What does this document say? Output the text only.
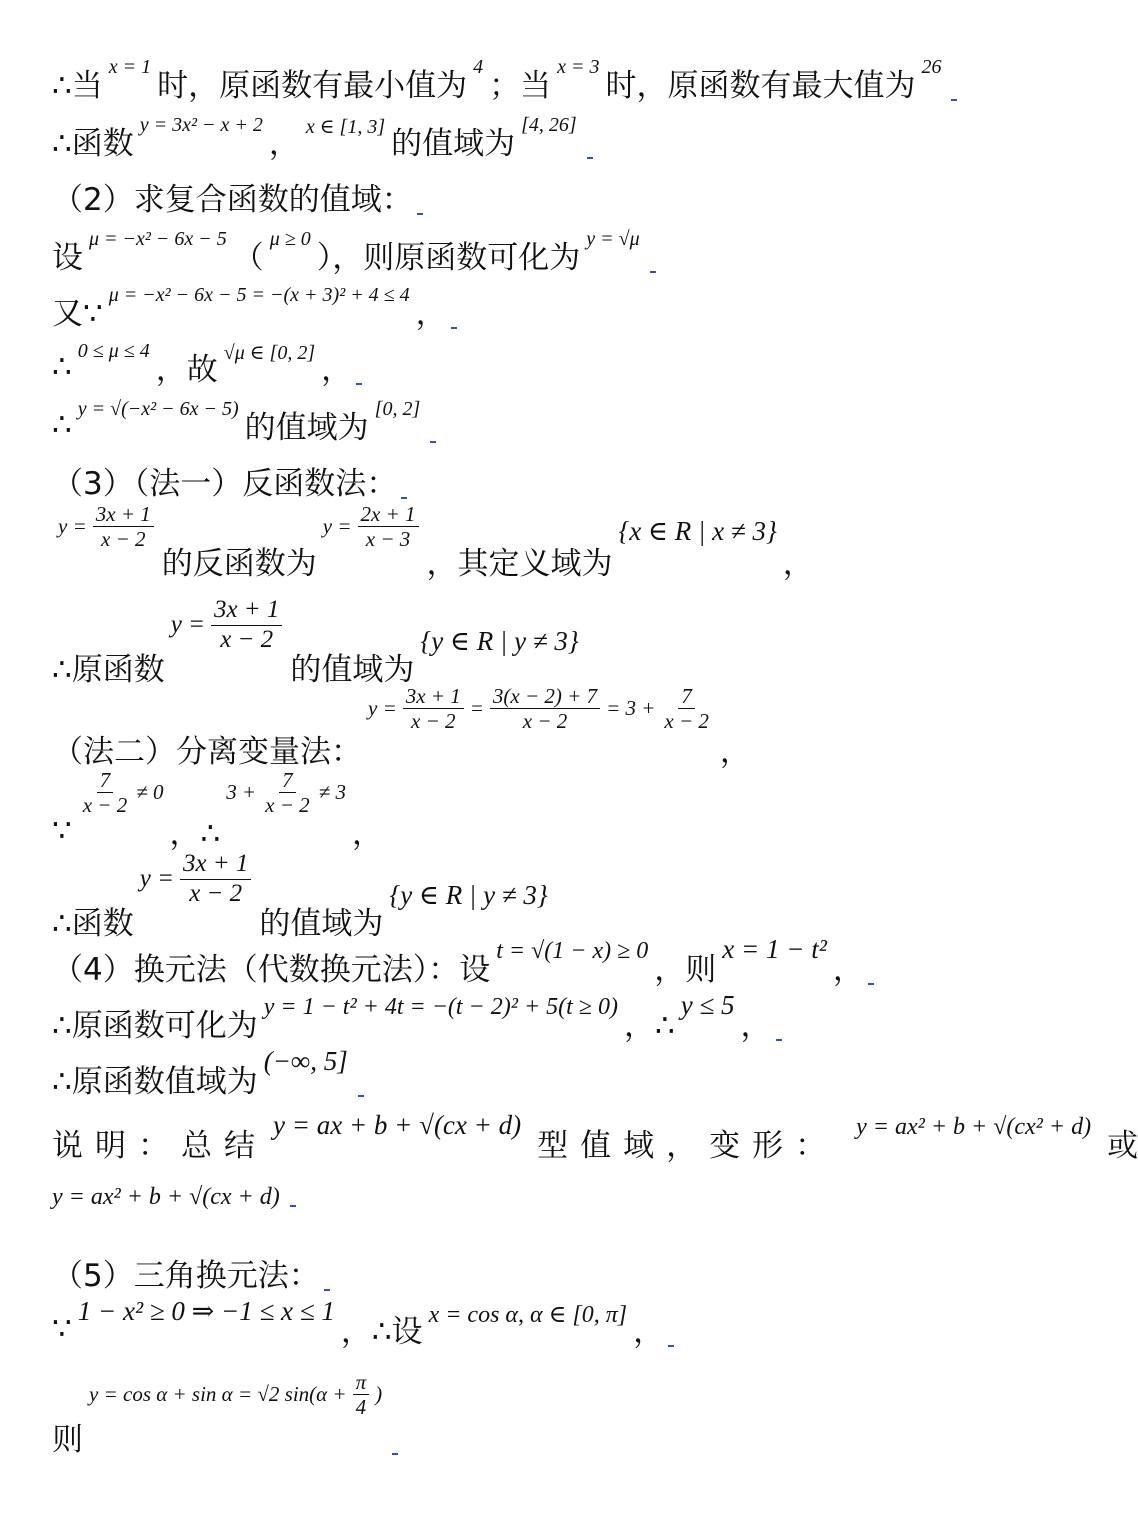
∴当
x = 1
时，原函数有最小值为
4
；当
x = 3
时，原函数有最大值为
26
∴函数
y = 3x² − x + 2
， x ∈ [1, 3] 的值域为
[4, 26]
（2）求复合函数的值域：
设
μ = −x² − 6x − 5
（
μ ≥ 0
），则原函数可化为
y = √μ
又∵
μ = −x² − 6x − 5 = −(x + 3)² + 4 ≤ 4
，
∴ 0 ≤ μ ≤ 4
，故 √μ ∈ [0, 2] ，
∴ y = √(−x² − 6x − 5)
的值域为
[0, 2]
（3）（法一）反函数法：
$y = \frac{3x + 1}{x - 2}$
的反函数为
$y = \frac{2x + 1}{x - 3}$
，其定义域为
{x ∈ R | x ≠ 3}
，
∴原函数
$y = \frac{3x + 1}{x - 2}$
的值域为
{y ∈ R | y ≠ 3}
（法二）分离变量法：
$y = \frac{3x + 1}{x - 2} = \frac{3(x - 2) + 7}{x - 2} = 3 + \frac{7}{x - 2}$
，
∵
$\frac{7}{x - 2} \ne 0$
，∴
$3 + \frac{7}{x - 2} \ne 3$
，
∴函数
$y = \frac{3x + 1}{x - 2}$
的值域为
{y ∈ R | y ≠ 3}
（4）换元法（代数换元法）：设
t = √(1 − x) ≥ 0
，则
x = 1 − t²
，
∴原函数可化为
y = 1 − t² + 4t = −(t − 2)² + 5(t ≥ 0)
，∴
y ≤ 5
，
∴原函数值域为
(−∞, 5]
说明：总结
y = ax + b + √(cx + d)
型值域，变形：
y = ax² + b + √(cx² + d)
或
y = ax² + b + √(cx + d)
（5）三角换元法：
∵ 1 − x² ≥ 0 ⇒ −1 ≤ x ≤ 1
，∴设 x = cos α, α ∈ [0, π] ，
则
y = cos α + sin α = √2 $\sin(\alpha + \frac{\pi}{4}$ )
